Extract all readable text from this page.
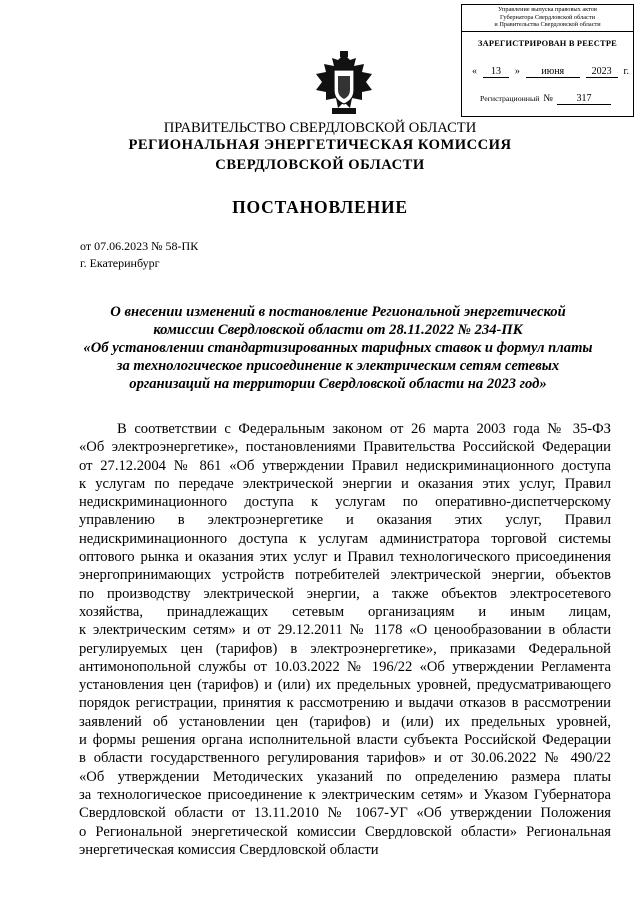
Управление выпуска правовых актов
Губернатора Свердловской области
и Правительства Свердловской области
ЗАРЕГИСТРИРОВАН В РЕЕСТРЕ
«	13	»	июня	2023	г.
Регистрационный №	317
ПРАВИТЕЛЬСТВО СВЕРДЛОВСКОЙ ОБЛАСТИ
РЕГИОНАЛЬНАЯ ЭНЕРГЕТИЧЕСКАЯ КОМИССИЯ
СВЕРДЛОВСКОЙ ОБЛАСТИ
ПОСТАНОВЛЕНИЕ
от 07.06.2023 № 58-ПК
г. Екатеринбург
О внесении изменений в постановление Региональной энергетической
комиссии Свердловской области от 28.11.2022 № 234-ПК
«Об установлении стандартизированных тарифных ставок и формул платы
за технологическое присоединение к электрическим сетям сетевых
организаций на территории Свердловской области на 2023 год»
В соответствии с Федеральным законом от 26 марта 2003 года № 35-ФЗ
«Об электроэнергетике», постановлениями Правительства Российской Федерации
от 27.12.2004 № 861 «Об утверждении Правил недискриминационного доступа
к услугам по передаче электрической энергии и оказания этих услуг, Правил
недискриминационного доступа к услугам по оперативно-диспетчерскому
управлению в электроэнергетике и оказания этих услуг, Правил
недискриминационного доступа к услугам администратора торговой системы
оптового рынка и оказания этих услуг и Правил технологического присоединения
энергопринимающих устройств потребителей электрической энергии, объектов
по производству электрической энергии, а также объектов электросетевого
хозяйства, принадлежащих сетевым организациям и иным лицам,
к электрическим сетям» и от 29.12.2011 № 1178 «О ценообразовании в области
регулируемых цен (тарифов) в электроэнергетике», приказами Федеральной
антимонопольной службы от 10.03.2022 № 196/22 «Об утверждении Регламента
установления цен (тарифов) и (или) их предельных уровней, предусматривающего
порядок регистрации, принятия к рассмотрению и выдачи отказов в рассмотрении
заявлений об установлении цен (тарифов) и (или) их предельных уровней,
и формы решения органа исполнительной власти субъекта Российской Федерации
в области государственного регулирования тарифов» и от 30.06.2022 № 490/22
«Об утверждении Методических указаний по определению размера платы
за технологическое присоединение к электрическим сетям» и Указом Губернатора
Свердловской области от 13.11.2010 № 1067-УГ «Об утверждении Положения
о Региональной энергетической комиссии Свердловской области» Региональная
энергетическая комиссия Свердловской области
